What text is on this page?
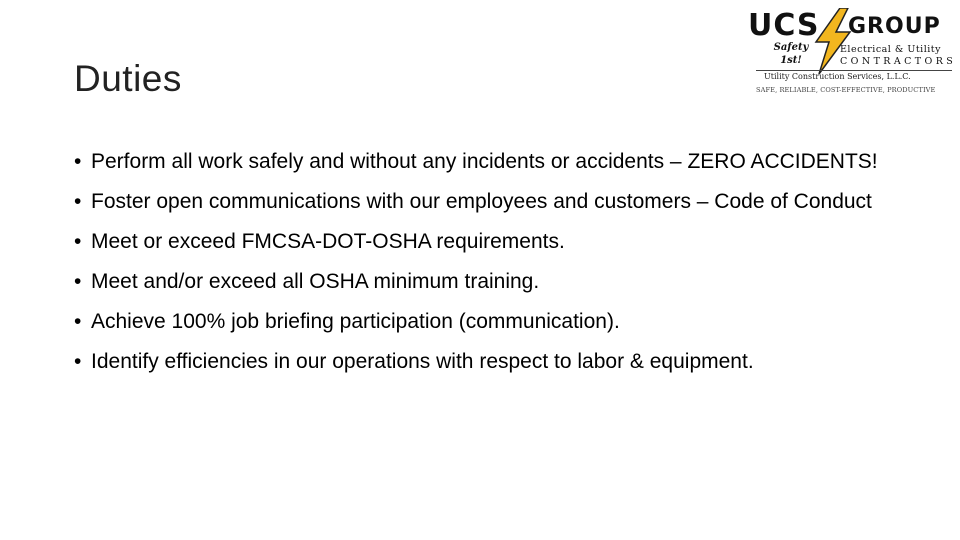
Duties
UCS GROUP
Safety
1st!
Electrical & Utility
CONTRACTORS
Utility Construction Services, L.L.C.
SAFE, RELIABLE, COST-EFFECTIVE, PRODUCTIVE
• Perform all work safely and without any incidents or accidents – ZERO ACCIDENTS!
• Foster open communications with our employees and customers – Code of Conduct
• Meet or exceed FMCSA-DOT-OSHA requirements.
• Meet and/or exceed all OSHA minimum training.
• Achieve 100% job briefing participation (communication).
• Identify efficiencies in our operations with respect to labor & equipment.
